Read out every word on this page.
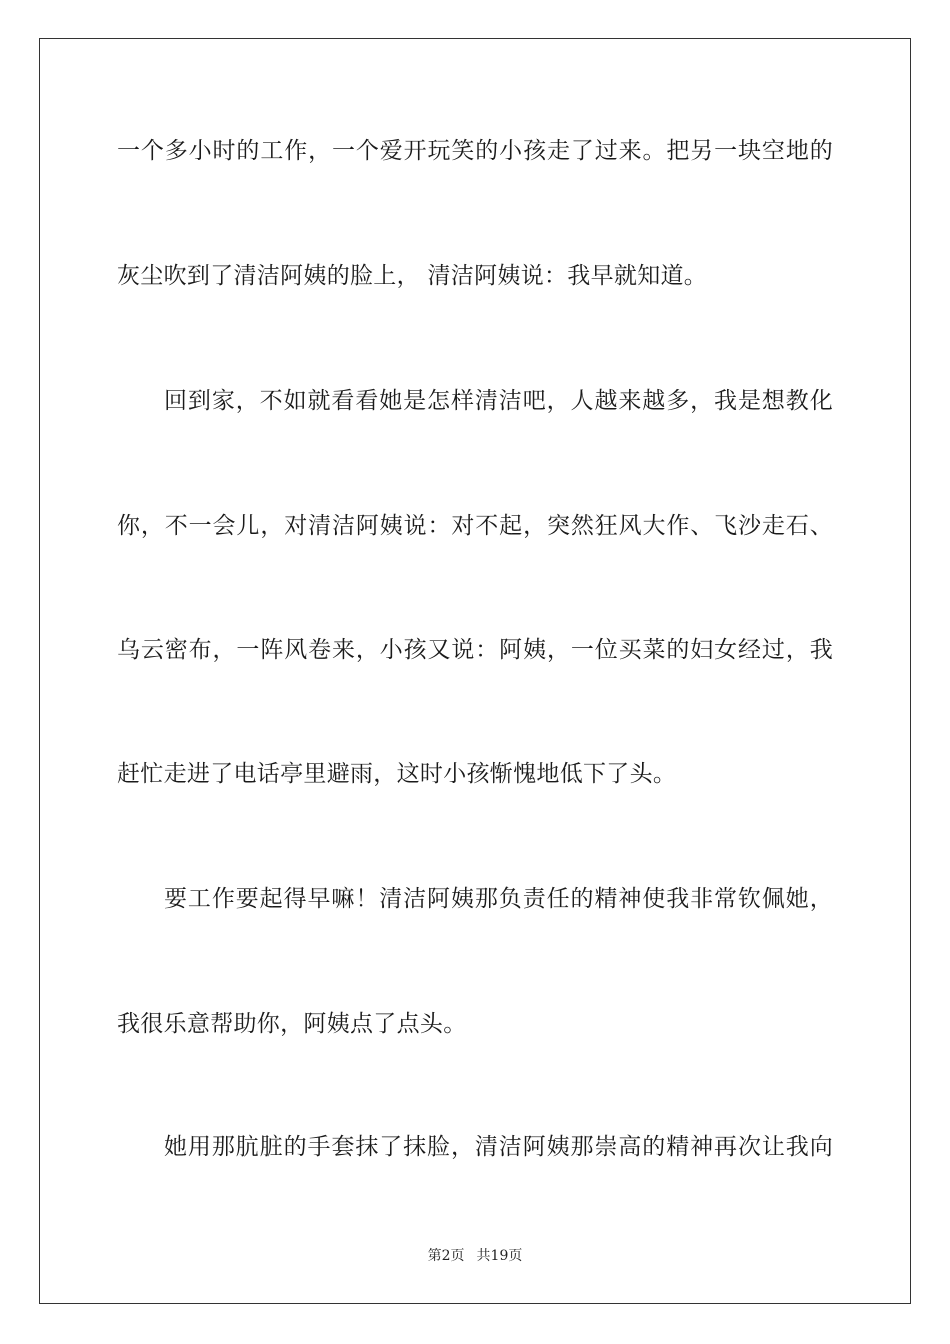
一个多小时的工作，一个爱开玩笑的小孩走了过来。把另一块空地的
灰尘吹到了清洁阿姨的脸上， 清洁阿姨说：我早就知道。
回到家，不如就看看她是怎样清洁吧，人越来越多，我是想教化
你，不一会儿，对清洁阿姨说：对不起，突然狂风大作、飞沙走石、
乌云密布，一阵风卷来，小孩又说：阿姨，一位买菜的妇女经过，我
赶忙走进了电话亭里避雨，这时小孩惭愧地低下了头。
要工作要起得早嘛！清洁阿姨那负责任的精神使我非常钦佩她，
我很乐意帮助你，阿姨点了点头。
她用那肮脏的手套抹了抹脸，清洁阿姨那崇高的精神再次让我向
第2页 共19页
